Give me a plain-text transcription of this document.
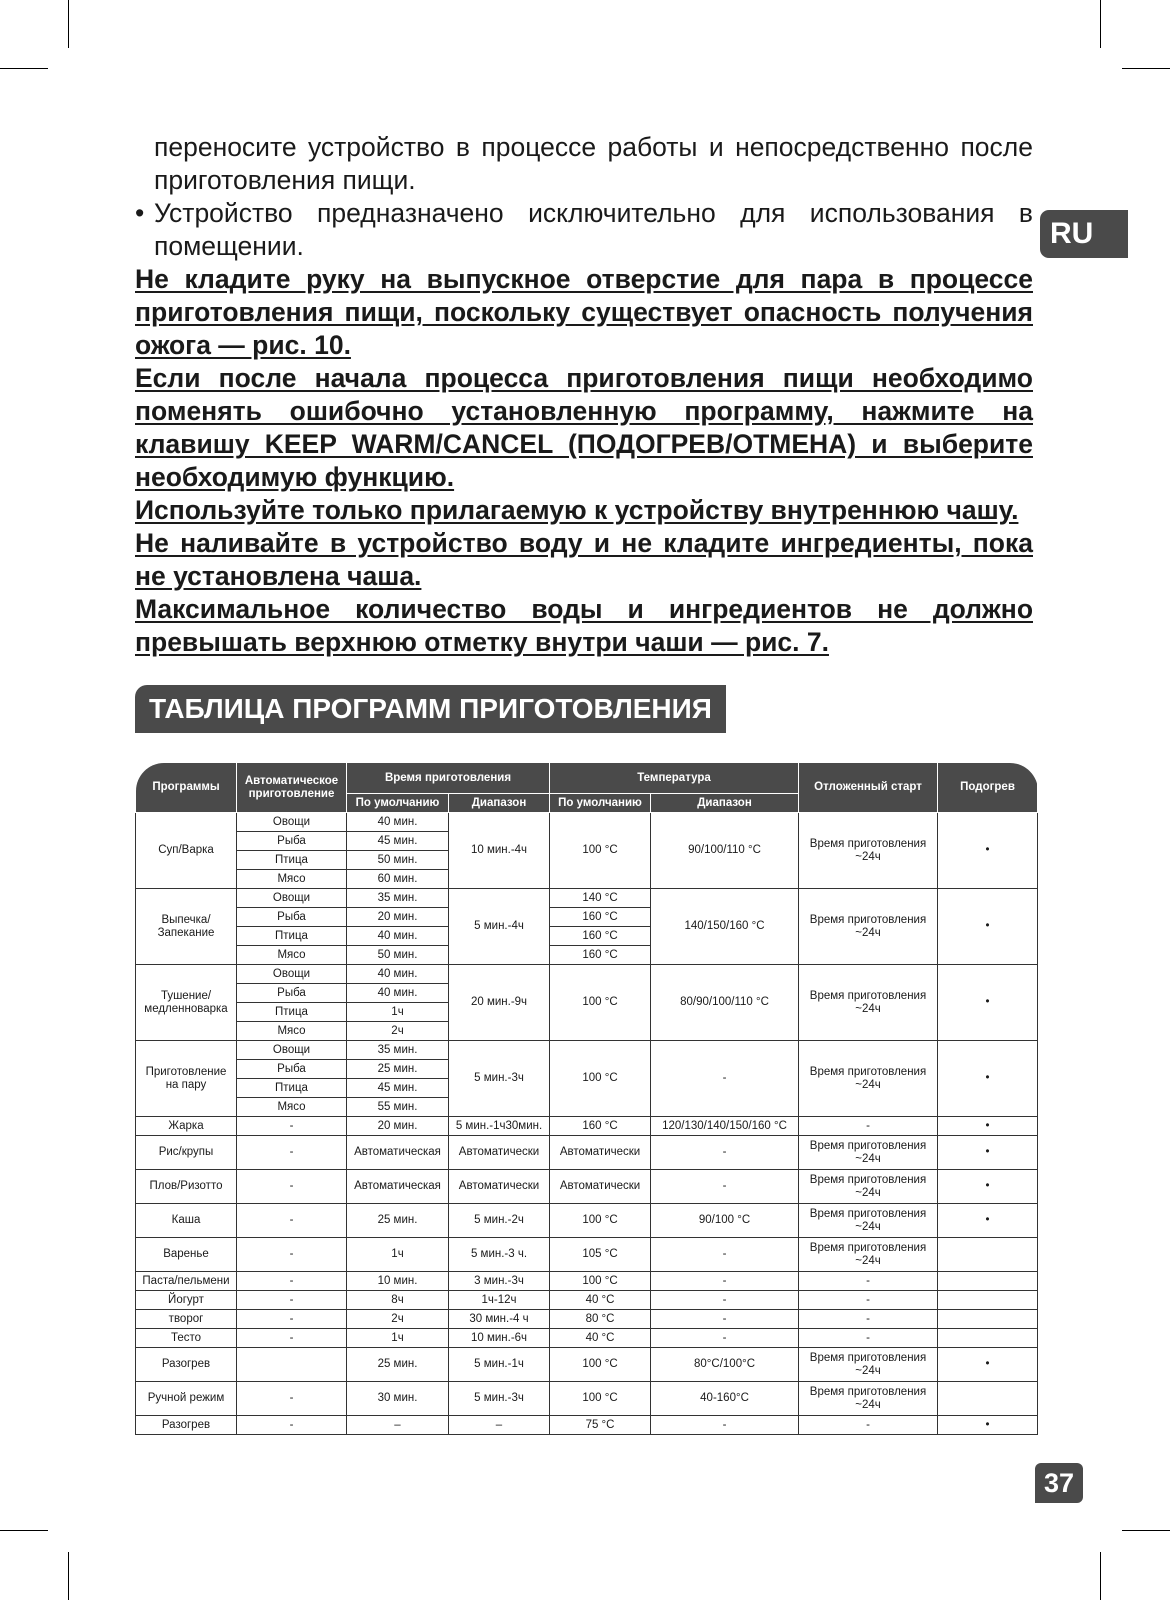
RU

переносите устройство в процессе работы и непосредственно после

приготовления пищи.

• Устройство предназначено исключительно для использования в помещении.

Не кладите руку на выпускное отверстие для пара в процессе приготовления пищи, поскольку существует опасность получения ожога — рис. 10.

Если после начала процесса приготовления пищи необходимо поменять ошибочно установленную программу, нажмите на клавишу KEEP WARM/CANCEL (ПОДОГРЕВ/ОТМЕНА) и выберите необходимую функцию.

Используйте только прилагаемую к устройству внутреннюю чашу.

Не наливайте в устройство воду и не кладите ингредиенты, пока не установлена чаша.

Максимальное количество воды и ингредиентов не должно превышать верхнюю отметку внутри чаши — рис. 7.

ТАБЛИЦА ПРОГРАММ ПРИГОТОВЛЕНИЯ
Программы	Автоматическое приготовление	Время приготовления		Температура		Отложенный старт	Подогрев
		По умолчанию	Диапазон	По умолчанию	Диапазон		
Суп/Варка	Овощи	40 мин.	10 мин.-4ч	100 °C	90/100/110 °C	Время приготовления ~24ч	•
	Рыба	45 мин.					
	Птица	50 мин.					
	Мясо	60 мин.					
Выпечка/ Запекание	Овощи	35 мин.	5 мин.-4ч	140 °C	140/150/160 °C	Время приготовления ~24ч	•
	Рыба	20 мин.		160 °C			
	Птица	40 мин.		160 °C			
	Мясо	50 мин.		160 °C			
Тушение/ медленноварка	Овощи	40 мин.	20 мин.-9ч	100 °C	80/90/100/110 °C	Время приготовления ~24ч	•
	Рыба	40 мин.					
	Птица	1ч					
	Мясо	2ч					
Приготовление на пару	Овощи	35 мин.	5 мин.-3ч	100 °C	-	Время приготовления ~24ч	•
	Рыба	25 мин.					
	Птица	45 мин.					
	Мясо	55 мин.					
Жарка	-	20 мин.	5 мин.-1ч30мин.	160 °C	120/130/140/150/160 °C	-	•
Рис/крупы	-	Автоматическая	Автоматически	Автоматически	-	Время приготовления ~24ч	•
Плов/Ризотто	-	Автоматическая	Автоматически	Автоматически	-	Время приготовления ~24ч	•
Каша	-	25 мин.	5 мин.-2ч	100 °C	90/100 °C	Время приготовления ~24ч	•
Варенье	-	1ч	5 мин.-3 ч.	105 °C	-	Время приготовления ~24ч	
Паста/пельмени	-	10 мин.	3 мин.-3ч	100 °C	-	-	
Йогурт	-	8ч	1ч-12ч	40 °C	-	-	
творог	-	2ч	30 мин.-4 ч	80 °C	-	-	
Тесто	-	1ч	10 мин.-6ч	40 °C	-	-	
Разогрев		25 мин.	5 мин.-1ч	100 °C	80°C/100°C	Время приготовления ~24ч	•
Ручной режим	-	30 мин.	5 мин.-3ч	100 °C	40-160°C	Время приготовления ~24ч	
Разогрев	-	–	–	75 °C	-	-	•
37
